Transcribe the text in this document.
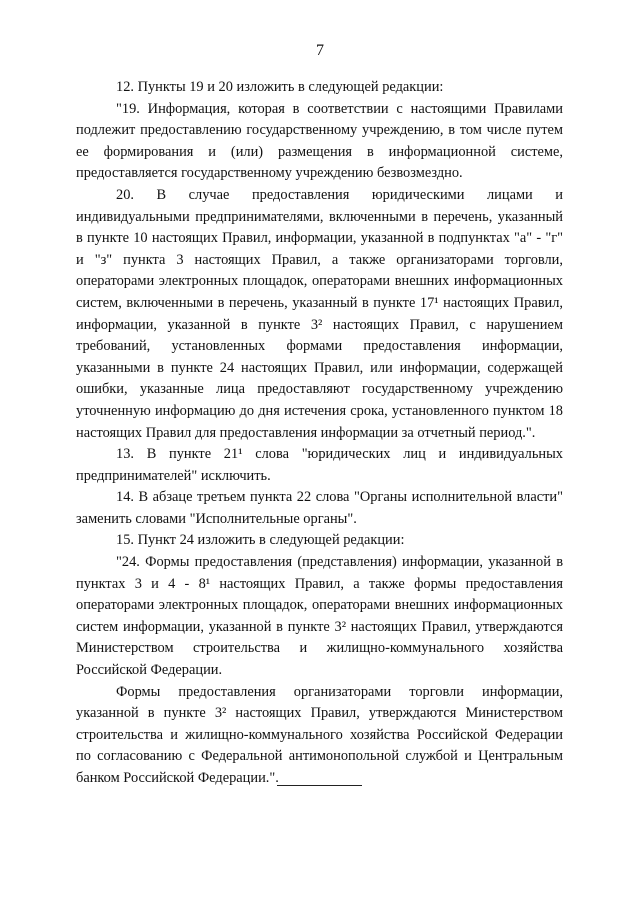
7

12. Пункты 19 и 20 изложить в следующей редакции:

"19. Информация, которая в соответствии с настоящими Правилами подлежит предоставлению государственному учреждению, в том числе путем ее формирования и (или) размещения в информационной системе, предоставляется государственному учреждению безвозмездно.

20. В случае предоставления юридическими лицами и индивидуальными предпринимателями, включенными в перечень, указанный в пункте 10 настоящих Правил, информации, указанной в подпунктах "а" - "г" и "з" пункта 3 настоящих Правил, а также организаторами торговли, операторами электронных площадок, операторами внешних информационных систем, включенными в перечень, указанный в пункте 17¹ настоящих Правил, информации, указанной в пункте 3² настоящих Правил, с нарушением требований, установленных формами предоставления информации, указанными в пункте 24 настоящих Правил, или информации, содержащей ошибки, указанные лица предоставляют государственному учреждению уточненную информацию до дня истечения срока, установленного пунктом 18 настоящих Правил для предоставления информации за отчетный период.".

13. В пункте 21¹ слова "юридических лиц и индивидуальных предпринимателей" исключить.

14. В абзаце третьем пункта 22 слова "Органы исполнительной власти" заменить словами "Исполнительные органы".

15. Пункт 24 изложить в следующей редакции:

"24. Формы предоставления (представления) информации, указанной в пунктах 3 и 4 - 8¹ настоящих Правил, а также формы предоставления операторами электронных площадок, операторами внешних информационных систем информации, указанной в пункте 3² настоящих Правил, утверждаются Министерством строительства и жилищно-коммунального хозяйства Российской Федерации.

Формы предоставления организаторами торговли информации, указанной в пункте 3² настоящих Правил, утверждаются Министерством строительства и жилищно-коммунального хозяйства Российской Федерации по согласованию с Федеральной антимонопольной службой и Центральным банком Российской Федерации.".
